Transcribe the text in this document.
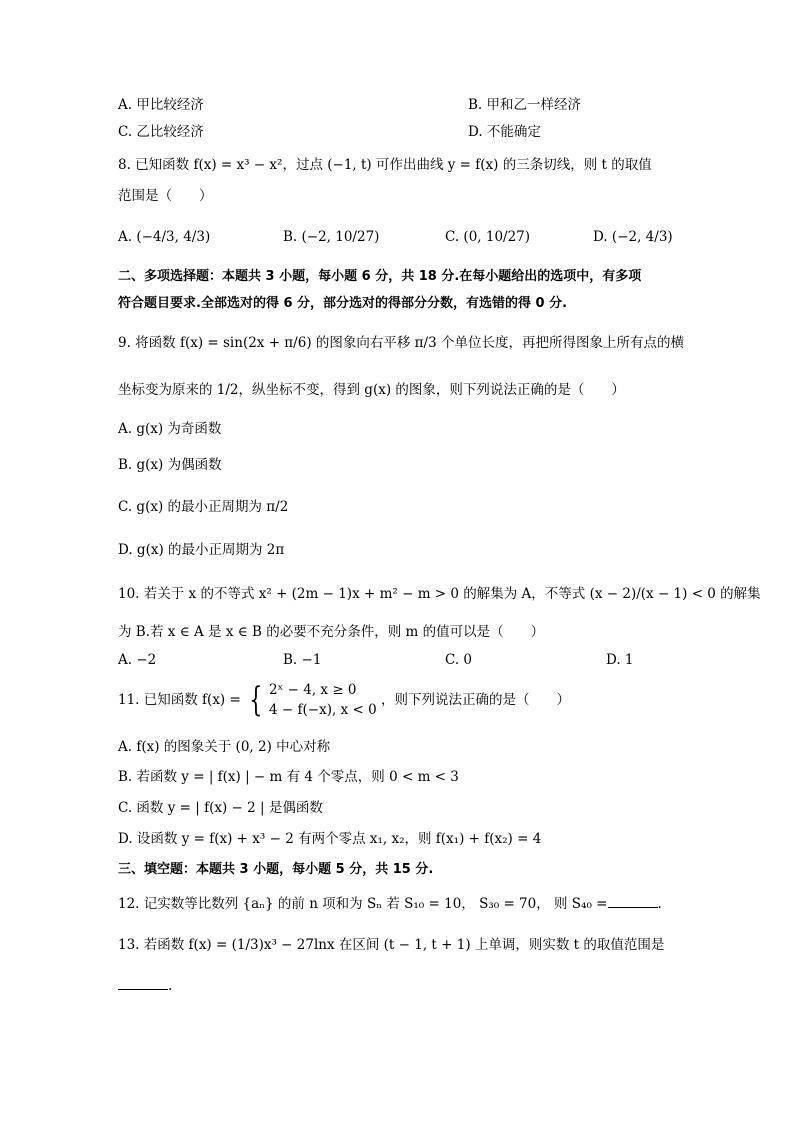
A. 甲比较经济	B. 甲和乙一样经济
C. 乙比较经济	D. 不能确定
8. 已知函数 f(x) = x³ − x²，过点 (−1, t) 可作出曲线 y = f(x) 的三条切线，则 t 的取值
范围是（　　）
A. (−4/3, 4/3)	B. (−2, 10/27)	C. (0, 10/27)	D. (−2, 4/3)
二、多项选择题：本题共 3 小题，每小题 6 分，共 18 分.在每小题给出的选项中，有多项
符合题目要求.全部选对的得 6 分，部分选对的得部分分数，有选错的得 0 分.
9. 将函数 f(x) = sin(2x + π/6) 的图象向右平移 π/3 个单位长度，再把所得图象上所有点的横
坐标变为原来的 1/2，纵坐标不变，得到 g(x) 的图象，则下列说法正确的是（　　）
A. g(x) 为奇函数
B. g(x) 为偶函数
C. g(x) 的最小正周期为 π/2
D. g(x) 的最小正周期为 2π
10. 若关于 x 的不等式 x² + (2m − 1)x + m² − m > 0 的解集为 A，不等式 (x − 2)/(x − 1) < 0 的解集
为 B.若 x ∈ A 是 x ∈ B 的必要不充分条件，则 m 的值可以是（　　）
A. −2	B. −1	C. 0	D. 1
11. 已知函数 f(x) = { 2ˣ − 4, x ≥ 0
4 − f(−x), x < 0
，则下列说法正确的是（　　）
A. f(x) 的图象关于 (0, 2) 中心对称
B. 若函数 y = | f(x) | − m 有 4 个零点，则 0 < m < 3
C. 函数 y = | f(x) − 2 | 是偶函数
D. 设函数 y = f(x) + x³ − 2 有两个零点 x₁, x₂，则 f(x₁) + f(x₂) = 4
三、填空题：本题共 3 小题，每小题 5 分，共 15 分.
12. 记实数等比数列 {aₙ} 的前 n 项和为 Sₙ 若 S₁₀ = 10， S₃₀ = 70， 则 S₄₀ =	.
13. 若函数 f(x) = (1/3)x³ − 27lnx 在区间 (t − 1, t + 1) 上单调，则实数 t 的取值范围是
.
